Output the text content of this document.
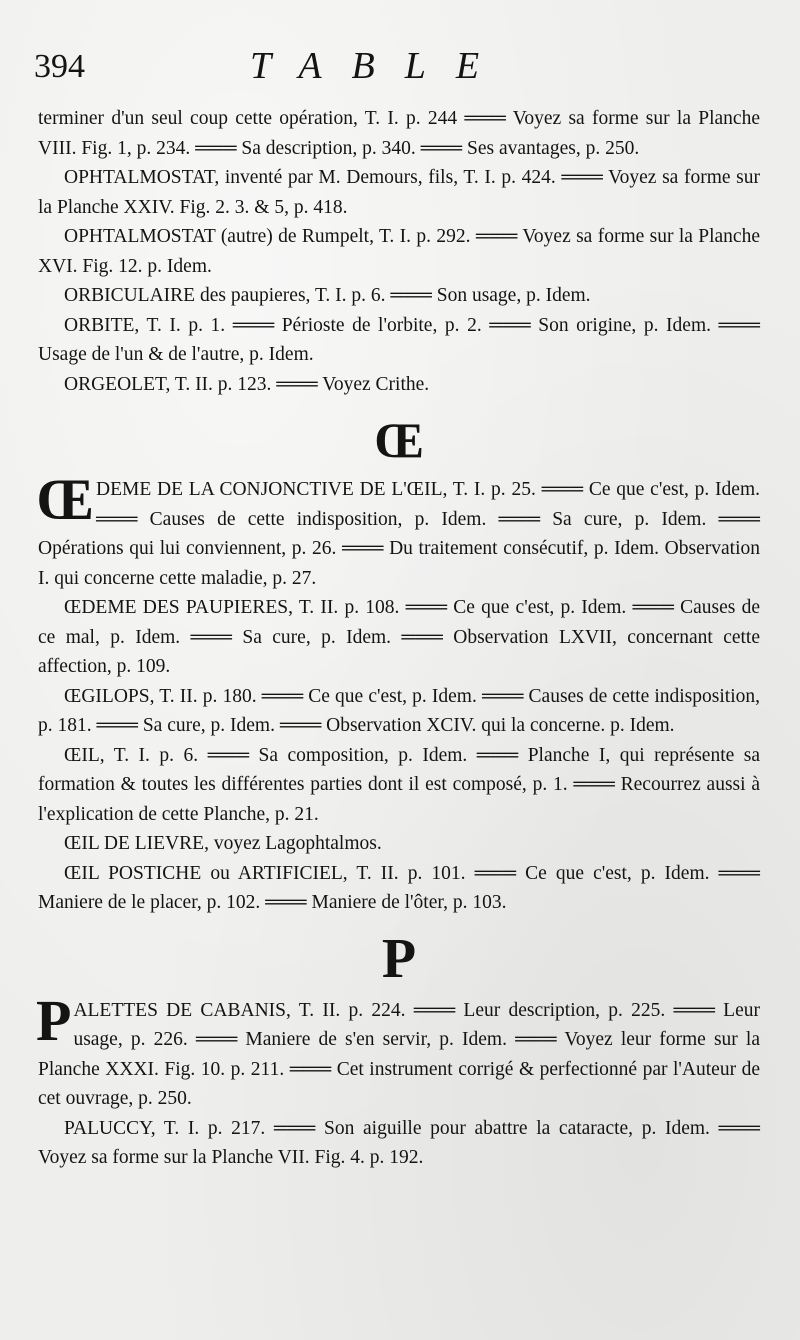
394	TABLE

terminer d'un seul coup cette opération, T. I. p. 244 ═══ Voyez sa forme sur la Planche VIII. Fig. 1, p. 234. ═══ Sa description, p. 340. ═══ Ses avantages, p. 250.

OPHTALMOSTAT, inventé par M. Demours, fils, T. I. p. 424. ═══ Voyez sa forme sur la Planche XXIV. Fig. 2. 3. & 5, p. 418.

OPHTALMOSTAT (autre) de Rumpelt, T. I. p. 292. ═══ Voyez sa forme sur la Planche XVI. Fig. 12. p. Idem.

ORBICULAIRE des paupieres, T. I. p. 6. ═══ Son usage, p. Idem.

ORBITE, T. I. p. 1. ═══ Périoste de l'orbite, p. 2. ═══ Son origine, p. Idem. ═══ Usage de l'un & de l'autre, p. Idem.

ORGEOLET, T. II. p. 123. ═══ Voyez Crithe.

Œ

ŒDEME DE LA CONJONCTIVE DE L'ŒIL, T. I. p. 25. ═══ Ce que c'est, p. Idem. ═══ Causes de cette indisposition, p. Idem. ═══ Sa cure, p. Idem. ═══ Opérations qui lui conviennent, p. 26. ═══ Du traitement consécutif, p. Idem. Observation I. qui concerne cette maladie, p. 27.

ŒDEME DES PAUPIERES, T. II. p. 108. ═══ Ce que c'est, p. Idem. ═══ Causes de ce mal, p. Idem. ═══ Sa cure, p. Idem. ═══ Observation LXVII, concernant cette affection, p. 109.

ŒGILOPS, T. II. p. 180. ═══ Ce que c'est, p. Idem. ═══ Causes de cette indisposition, p. 181. ═══ Sa cure, p. Idem. ═══ Observation XCIV. qui la concerne. p. Idem.

ŒIL, T. I. p. 6. ═══ Sa composition, p. Idem. ═══ Planche I, qui représente sa formation & toutes les différentes parties dont il est composé, p. 1. ═══ Recourrez aussi à l'explication de cette Planche, p. 21.

ŒIL DE LIEVRE, voyez Lagophtalmos.

ŒIL POSTICHE ou ARTIFICIEL, T. II. p. 101. ═══ Ce que c'est, p. Idem. ═══ Maniere de le placer, p. 102. ═══ Maniere de l'ôter, p. 103.

P

PALETTES DE CABANIS, T. II. p. 224. ═══ Leur description, p. 225. ═══ Leur usage, p. 226. ═══ Maniere de s'en servir, p. Idem. ═══ Voyez leur forme sur la Planche XXXI. Fig. 10. p. 211. ═══ Cet instrument corrigé & perfectionné par l'Auteur de cet ouvrage, p. 250.

PALUCCY, T. I. p. 217. ═══ Son aiguille pour abattre la cataracte, p. Idem. ═══ Voyez sa forme sur la Planche VII. Fig. 4. p. 192.
